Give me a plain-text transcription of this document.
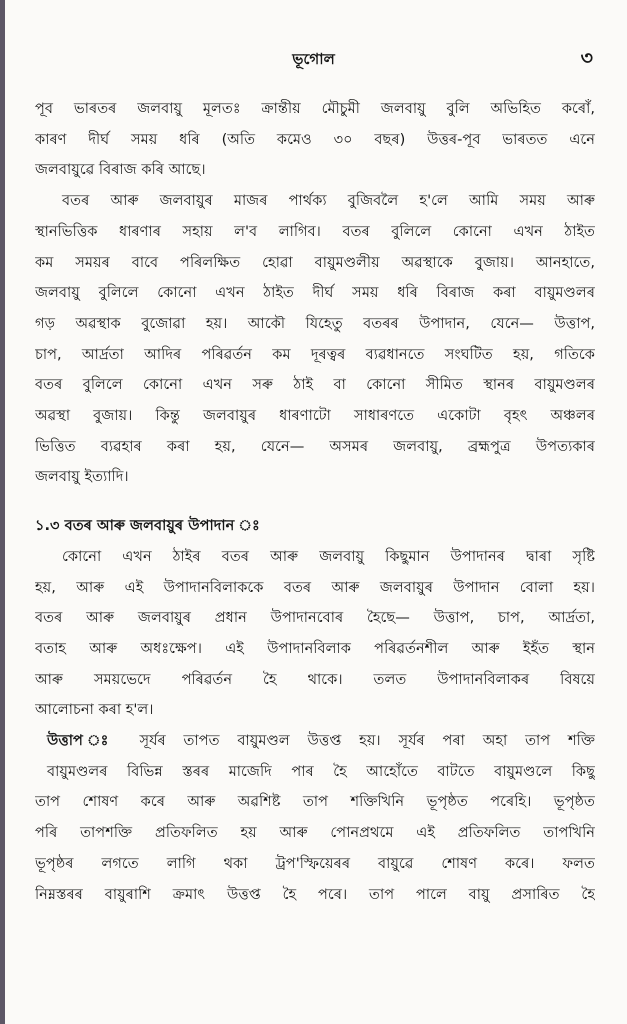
ভূগোল	৩
পূব ভাৰতৰ জলবায়ু মূলতঃ ক্ৰান্তীয় মৌচুমী জলবায়ু বুলি অভিহিত কৰোঁ,
কাৰণ দীৰ্ঘ সময় ধৰি (অতি কমেও ৩০ বছৰ) উত্তৰ-পূব ভাৰতত এনে
জলবায়ুৱে বিৰাজ কৰি আছে।
বতৰ আৰু জলবায়ুৰ মাজৰ পাৰ্থক্য বুজিবলৈ হ'লে আমি সময় আৰু
স্থানভিত্তিক ধাৰণাৰ সহায় ল'ব লাগিব। বতৰ বুলিলে কোনো এখন ঠাইত
কম সময়ৰ বাবে পৰিলক্ষিত হোৱা বায়ুমণ্ডলীয় অৱস্থাকে বুজায়। আনহাতে,
জলবায়ু বুলিলে কোনো এখন ঠাইত দীৰ্ঘ সময় ধৰি বিৰাজ কৰা বায়ুমণ্ডলৰ
গড় অৱস্থাক বুজোৱা হয়। আকৌ যিহেতু বতৰৰ উপাদান, যেনে— উত্তাপ,
চাপ, আৰ্দ্ৰতা আদিৰ পৰিৱৰ্তন কম দূৰত্বৰ ব্যৱধানতে সংঘটিত হয়, গতিকে
বতৰ বুলিলে কোনো এখন সৰু ঠাই বা কোনো সীমিত স্থানৰ বায়ুমণ্ডলৰ
অৱস্থা বুজায়। কিন্তু জলবায়ুৰ ধাৰণাটো সাধাৰণতে একোটা বৃহৎ অঞ্চলৰ
ভিত্তিত ব্যৱহাৰ কৰা হয়, যেনে— অসমৰ জলবায়ু, ব্ৰহ্মপুত্ৰ উপত্যকাৰ
জলবায়ু ইত্যাদি।
১.৩ বতৰ আৰু জলবায়ুৰ উপাদান ঃ
কোনো এখন ঠাইৰ বতৰ আৰু জলবায়ু কিছুমান উপাদানৰ দ্বাৰা সৃষ্টি
হয়, আৰু এই উপাদানবিলাককে বতৰ আৰু জলবায়ুৰ উপাদান বোলা হয়।
বতৰ আৰু জলবায়ুৰ প্ৰধান উপাদানবোৰ হৈছে— উত্তাপ, চাপ, আৰ্দ্ৰতা,
বতাহ আৰু অধঃক্ষেপ। এই উপাদানবিলাক পৰিৱৰ্তনশীল আৰু ইহঁত স্থান
আৰু সময়ভেদে পৰিৱৰ্তন হৈ থাকে। তলত উপাদানবিলাকৰ বিষয়ে
আলোচনা কৰা হ'ল।
উত্তাপ ঃ সূৰ্যৰ তাপত বায়ুমণ্ডল উত্তপ্ত হয়। সূৰ্যৰ পৰা অহা তাপ শক্তি
বায়ুমণ্ডলৰ বিভিন্ন স্তৰৰ মাজেদি পাৰ হৈ আহোঁতে বাটতে বায়ুমণ্ডলে কিছু
তাপ শোষণ কৰে আৰু অৱশিষ্ট তাপ শক্তিখিনি ভূপৃষ্ঠত পৰেহি। ভূপৃষ্ঠত
পৰি তাপশক্তি প্ৰতিফলিত হয় আৰু পোনপ্ৰথমে এই প্ৰতিফলিত তাপখিনি
ভূপৃষ্ঠৰ লগতে লাগি থকা ট্ৰপ'স্ফিয়েৰৰ বায়ুৱে শোষণ কৰে। ফলত
নিম্নস্তৰৰ বায়ুৰাশি ক্ৰমাৎ উত্তপ্ত হৈ পৰে। তাপ পালে বায়ু প্ৰসাৰিত হৈ
